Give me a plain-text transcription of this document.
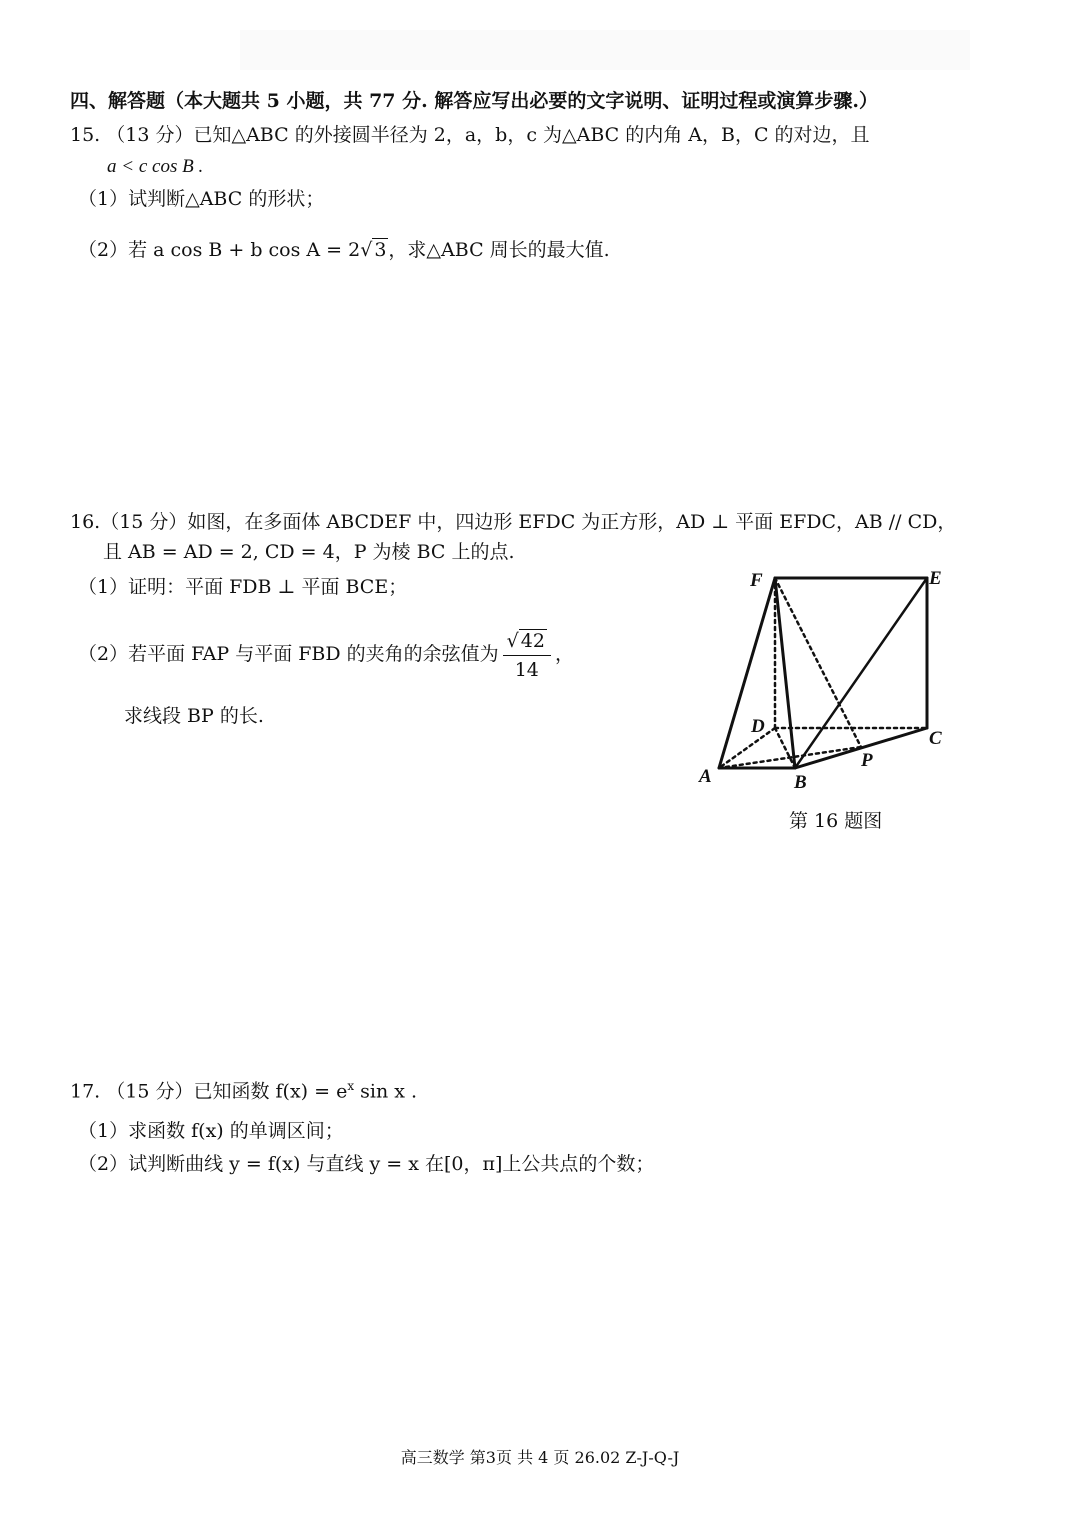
四、解答题（本大题共 5 小题，共 77 分. 解答应写出必要的文字说明、证明过程或演算步骤.）
15. （13 分）已知△ABC 的外接圆半径为 2，a，b，c 为△ABC 的内角 A，B，C 的对边，且
a < c cos B .
（1）试判断△ABC 的形状；
（2）若 a cos B + b cos A = 2√ 3 ，求△ABC 周长的最大值.
16.（15 分）如图，在多面体 ABCDEF 中，四边形 EFDC 为正方形，AD ⊥ 平面 EFDC，AB // CD，
且 AB = AD = 2, CD = 4，P 为棱 BC 上的点.
（1）证明：平面 FDB ⊥ 平面 BCE；
（2）若平面 FAP 与平面 FBD 的夹角的余弦值为 $\frac{√ 42}{14}$ ，
求线段 BP 的长.
F	E
D
C
A	B
P
第 16 题图
17. （15 分）已知函数 $f(x) = e^x$ sin x .
（1）求函数 f(x) 的单调区间；
（2）试判断曲线 y = f(x) 与直线 y = x 在[0，π]上公共点的个数；
高三数学 第3页 共 4 页 26.02 Z-J-Q-J
